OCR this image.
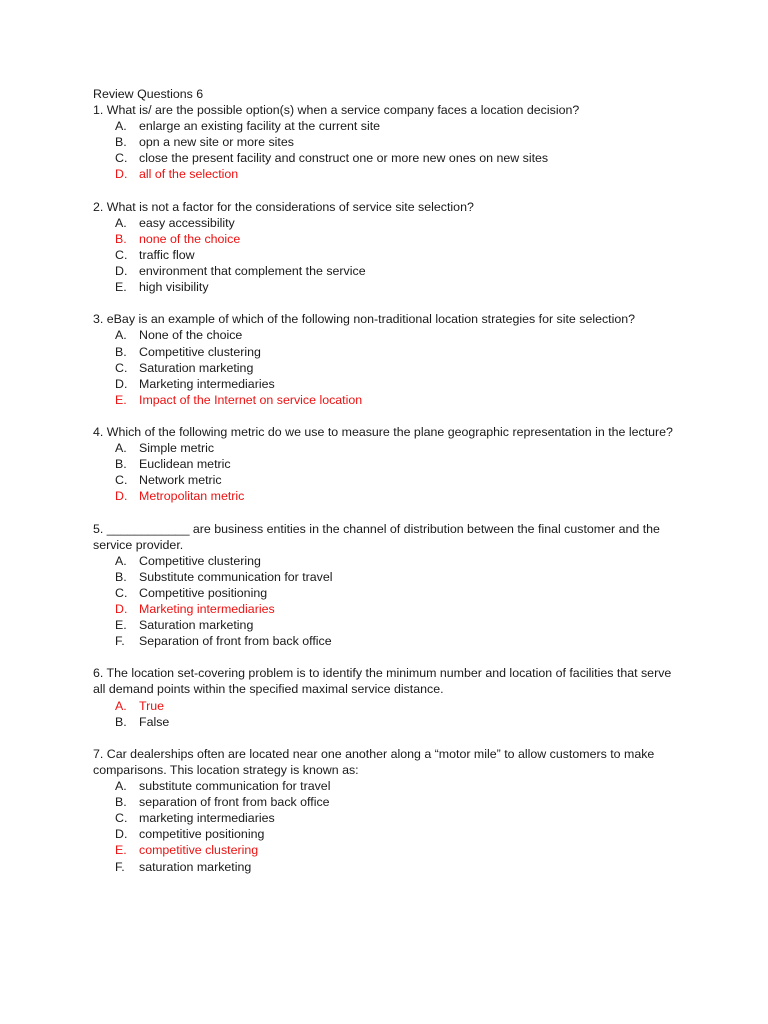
Review Questions 6
1. What is/ are the possible option(s) when a service company faces a location decision?
A. enlarge an existing facility at the current site
B. opn a new site or more sites
C. close the present facility and construct one or more new ones on new sites
D. all of the selection
2. What is not a factor for the considerations of service site selection?
A. easy accessibility
B. none of the choice
C. traffic flow
D. environment that complement the service
E. high visibility
3. eBay is an example of which of the following non-traditional location strategies for site selection?
A. None of the choice
B. Competitive clustering
C. Saturation marketing
D. Marketing intermediaries
E. Impact of the Internet on service location
4. Which of the following metric do we use to measure the plane geographic representation in the lecture?
A. Simple metric
B. Euclidean metric
C. Network metric
D. Metropolitan metric
5. ____________ are business entities in the channel of distribution between the final customer and the service provider.
A. Competitive clustering
B. Substitute communication for travel
C. Competitive positioning
D. Marketing intermediaries
E. Saturation marketing
F.	Separation of front from back office
6. The location set-covering problem is to identify the minimum number and location of facilities that serve all demand points within the specified maximal service distance.
A. True
B. False
7. Car dealerships often are located near one another along a “motor mile” to allow customers to make comparisons. This location strategy is known as:
A. substitute communication for travel
B. separation of front from back office
C. marketing intermediaries
D. competitive positioning
E. competitive clustering
F.	saturation marketing
